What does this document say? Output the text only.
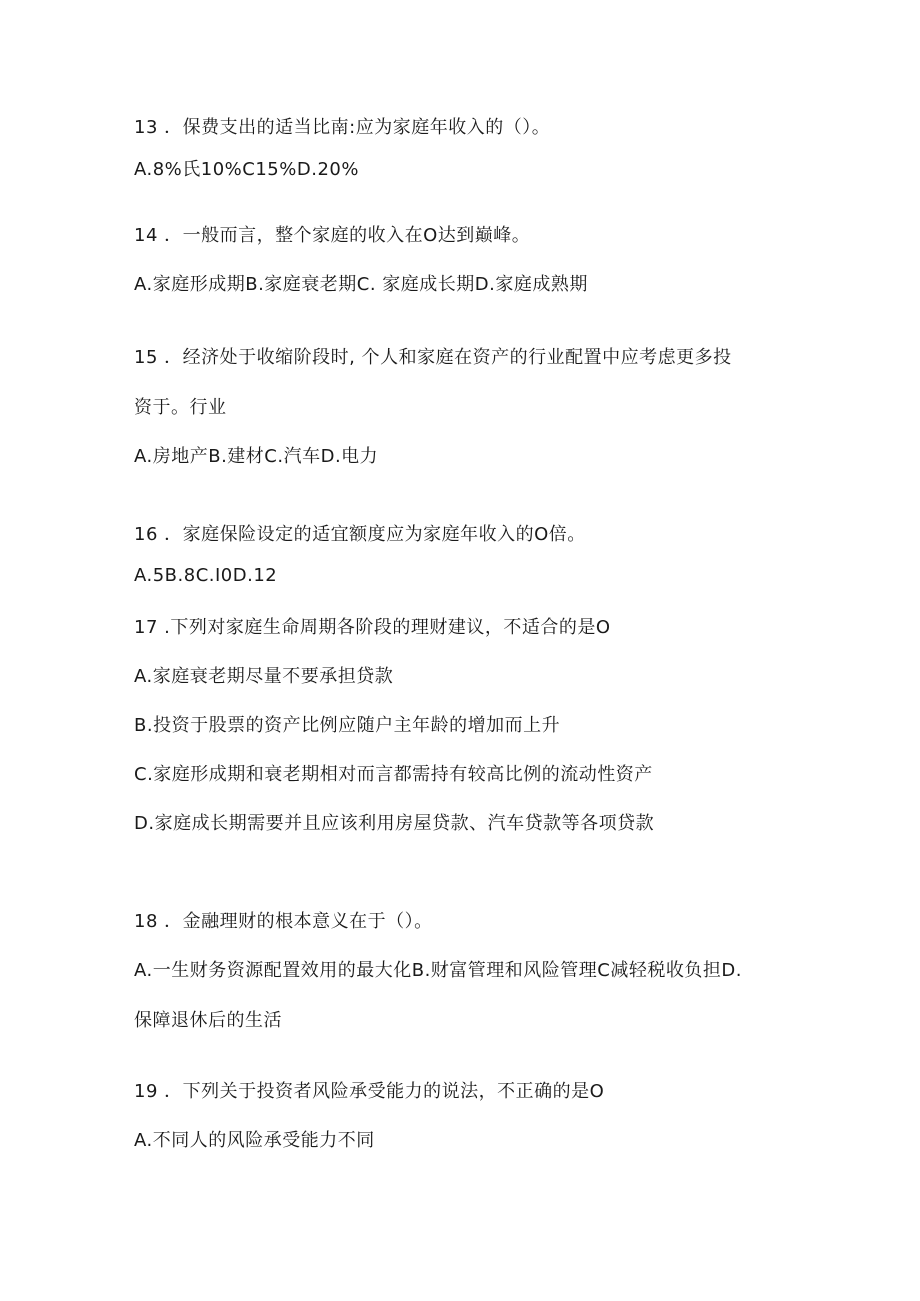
13 ．保费支出的适当比南:应为家庭年收入的（）。
A.8%氏10%C15%D.20%
14 ．一般而言，整个家庭的收入在O达到巅峰。
A.家庭形成期B.家庭衰老期C. 家庭成长期D.家庭成熟期
15 ．经济处于收缩阶段时, 个人和家庭在资产的行业配置中应考虑更多投
资于。行业
A.房地产B.建材C.汽车D.电力
16 ．家庭保险设定的适宜额度应为家庭年收入的O倍。
A.5B.8C.I0D.12
17 .下列对家庭生命周期各阶段的理财建议，不适合的是O
A.家庭衰老期尽量不要承担贷款
B.投资于股票的资产比例应随户主年龄的增加而上升
C.家庭形成期和衰老期相对而言都需持有较高比例的流动性资产
D.家庭成长期需要并且应该利用房屋贷款、汽车贷款等各项贷款
18 ．金融理财的根本意义在于（）。
A.一生财务资源配置效用的最大化B.财富管理和风险管理C减轻税收负担D.
保障退休后的生活
19 ．下列关于投资者风险承受能力的说法，不正确的是O
A.不同人的风险承受能力不同
